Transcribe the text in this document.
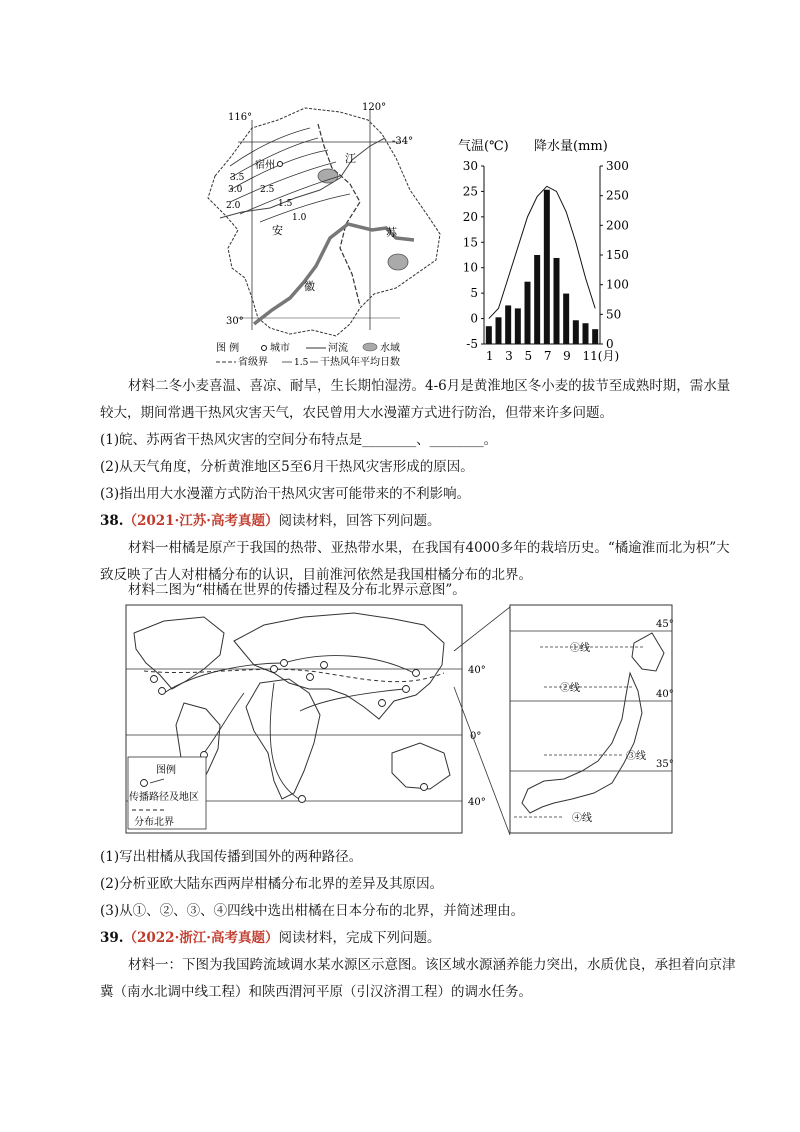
116°
120°
-34°
30°
3.5
3.0 2.5
2.0	1.5
1.0
宿州
江
苏
安
徽
图 例	城市	河流	水域
省级界	1.5 干热风年平均日数
气温(℃) 降水量(mm)
30
25
20
15
10
5
0
-5
300
250
200
150
100
50
0
1 3 5 7 9 11(月)
材料二冬小麦喜温、喜凉、耐旱，生长期怕湿涝。4-6月是黄淮地区冬小麦的拔节至成熟时期，需水量较大，期间常遇干热风灾害天气，农民曾用大水漫灌方式进行防治，但带来许多问题。
(1)皖、苏两省干热风灾害的空间分布特点是________、________。
(2)从天气角度，分析黄淮地区5至6月干热风灾害形成的原因。
(3)指出用大水漫灌方式防治干热风灾害可能带来的不利影响。
38.（2021·江苏·高考真题）阅读材料，回答下列问题。
材料一柑橘是原产于我国的热带、亚热带水果，在我国有4000多年的栽培历史。“橘逾淮而北为枳”大致反映了古人对柑橘分布的认识，目前淮河依然是我国柑橘分布的北界。
材料二图为“柑橘在世界的传播过程及分布北界示意图”。
40°
0°
40°
图例
传播路径及地区
分布北界
45°
40°
35°
①线
②线
③线
④线
(1)写出柑橘从我国传播到国外的两种路径。
(2)分析亚欧大陆东西两岸柑橘分布北界的差异及其原因。
(3)从①、②、③、④四线中选出柑橘在日本分布的北界，并简述理由。
39.（2022·浙江·高考真题）阅读材料，完成下列问题。
材料一：下图为我国跨流域调水某水源区示意图。该区域水源涵养能力突出，水质优良，承担着向京津冀（南水北调中线工程）和陕西渭河平原（引汉济渭工程）的调水任务。
